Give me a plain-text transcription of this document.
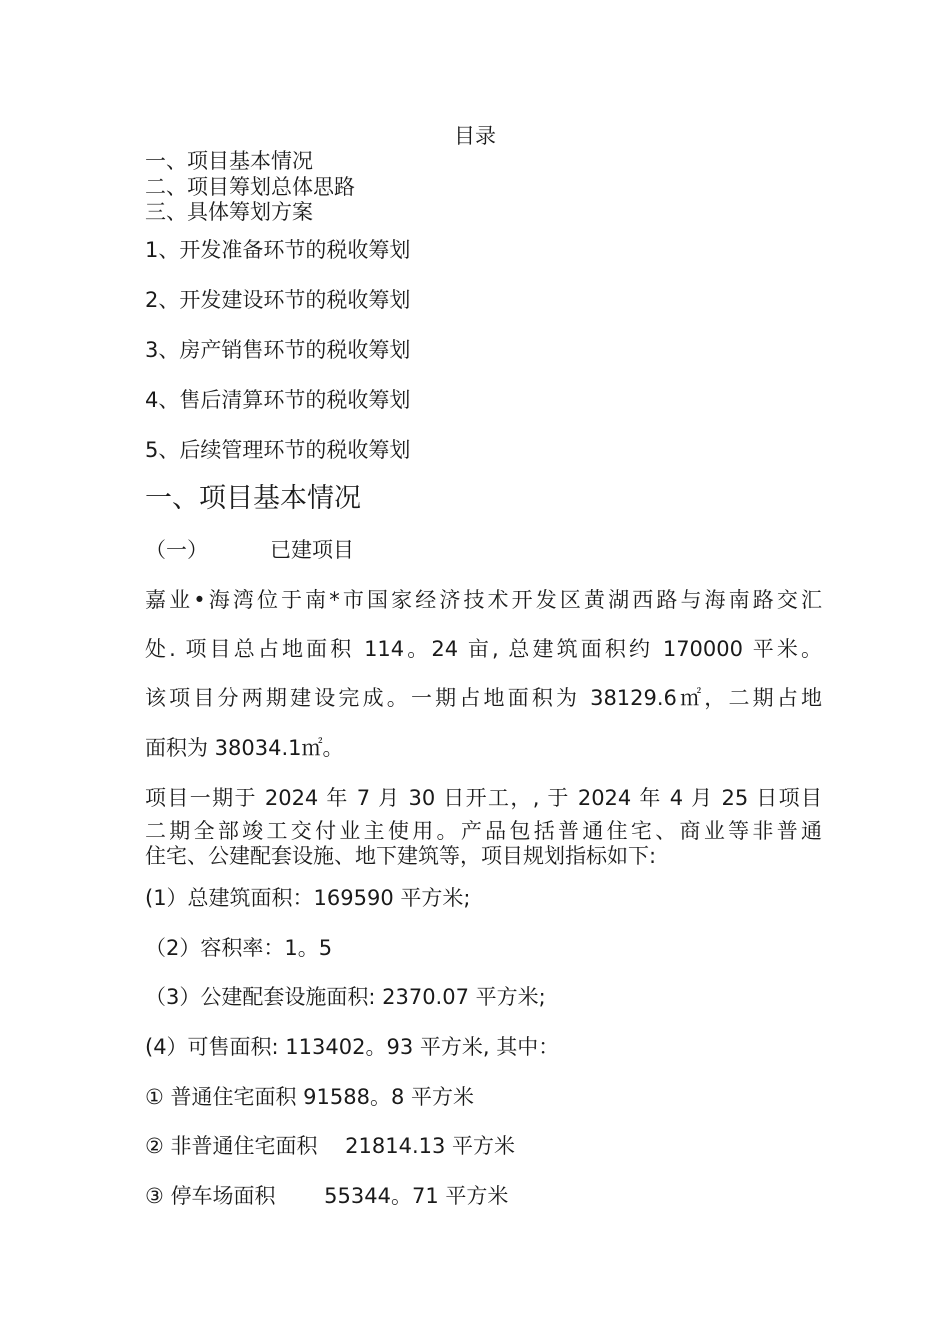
目录
一、项目基本情况
二、项目筹划总体思路
三、具体筹划方案
1、开发准备环节的税收筹划
2、开发建设环节的税收筹划
3、房产销售环节的税收筹划
4、售后清算环节的税收筹划
5、后续管理环节的税收筹划
一、项目基本情况
（一）	已建项目
嘉业•海湾位于南*市国家经济技术开发区黄湖西路与海南路交汇
处. 项目总占地面积 114。24 亩, 总建筑面积约 170000 平米。
该项目分两期建设完成。一期占地面积为 38129.6㎡，二期占地
面积为 38034.1㎡。
项目一期于 2024 年 7 月 30 日开工，, 于 2024 年 4 月 25 日项目
二期全部竣工交付业主使用。产品包括普通住宅、商业等非普通
住宅、公建配套设施、地下建筑等，项目规划指标如下:
(1）总建筑面积：169590 平方米;
（2）容积率：1。5
（3）公建配套设施面积: 2370.07 平方米;
(4）可售面积: 113402。93 平方米, 其中：
① 普通住宅面积 91588。8 平方米
② 非普通住宅面积　 21814.13 平方米
③ 停车场面积　　 55344。71 平方米
